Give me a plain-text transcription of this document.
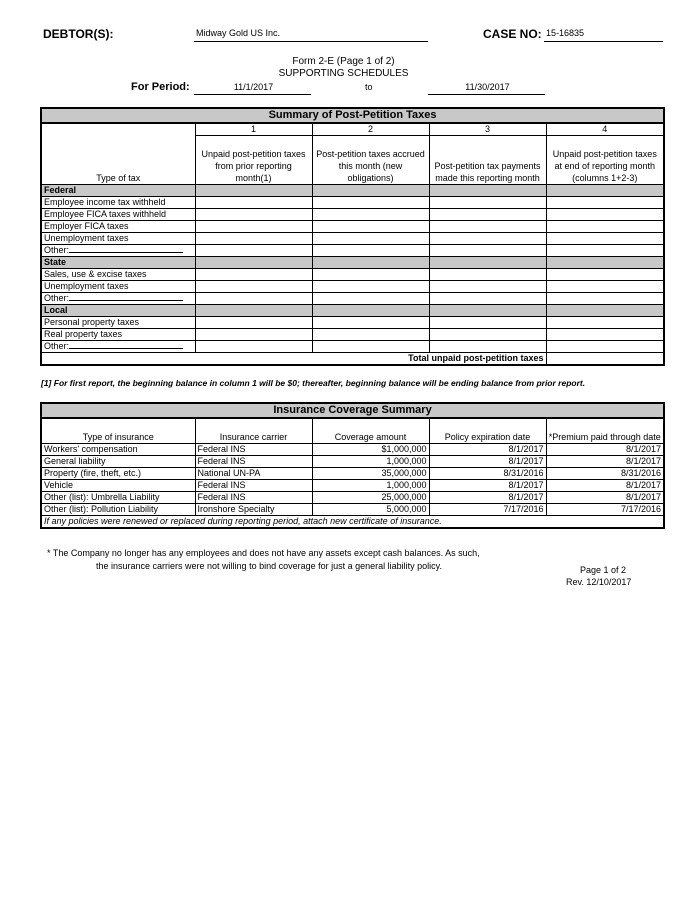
DEBTOR(S):	Midway Gold US Inc.	CASE NO: 15-16835
Form 2-E (Page 1 of 2)
SUPPORTING SCHEDULES
For Period:	11/1/2017	to	11/30/2017
Summary of Post-Petition Taxes				
Type of tax	1	2	3	4
	Unpaid post-petition taxes from prior reporting month(1)	Post-petition taxes accrued this month (new obligations)	Post-petition tax payments made this reporting month	Unpaid post-petition taxes at end of reporting month (columns 1+2-3)
Federal				
Employee income tax withheld				
Employee FICA taxes withheld				
Employer FICA taxes				
Unemployment taxes				
Other:				
State				
Sales, use & excise taxes				
Unemployment taxes				
Other:				
Local				
Personal property taxes				
Real property taxes				
Other:				
Total unpaid post-petition taxes				
[1] For first report, the beginning balance in column 1 will be $0; thereafter, beginning balance will be ending balance from prior report.
Insurance Coverage Summary				
Type of insurance	Insurance carrier	Coverage amount	Policy expiration date	*Premium paid through date
Workers' compensation	Federal INS	$1,000,000	8/1/2017	8/1/2017
General liability	Federal INS	1,000,000	8/1/2017	8/1/2017
Property (fire, theft, etc.)	National UN-PA	35,000,000	8/31/2016	8/31/2016
Vehicle	Federal INS	1,000,000	8/1/2017	8/1/2017
Other (list): Umbrella Liability	Federal INS	25,000,000	8/1/2017	8/1/2017
Other (list): Pollution Liability	Ironshore Specialty	5,000,000	7/17/2016	7/17/2016
If any policies were renewed or replaced during reporting period, attach new certificate of insurance.				
* The Company no longer has any employees and does not have any assets except cash balances. As such,
the insurance carriers were not willing to bind coverage for just a general liability policy.	Page 1 of 2
Rev. 12/10/2017
